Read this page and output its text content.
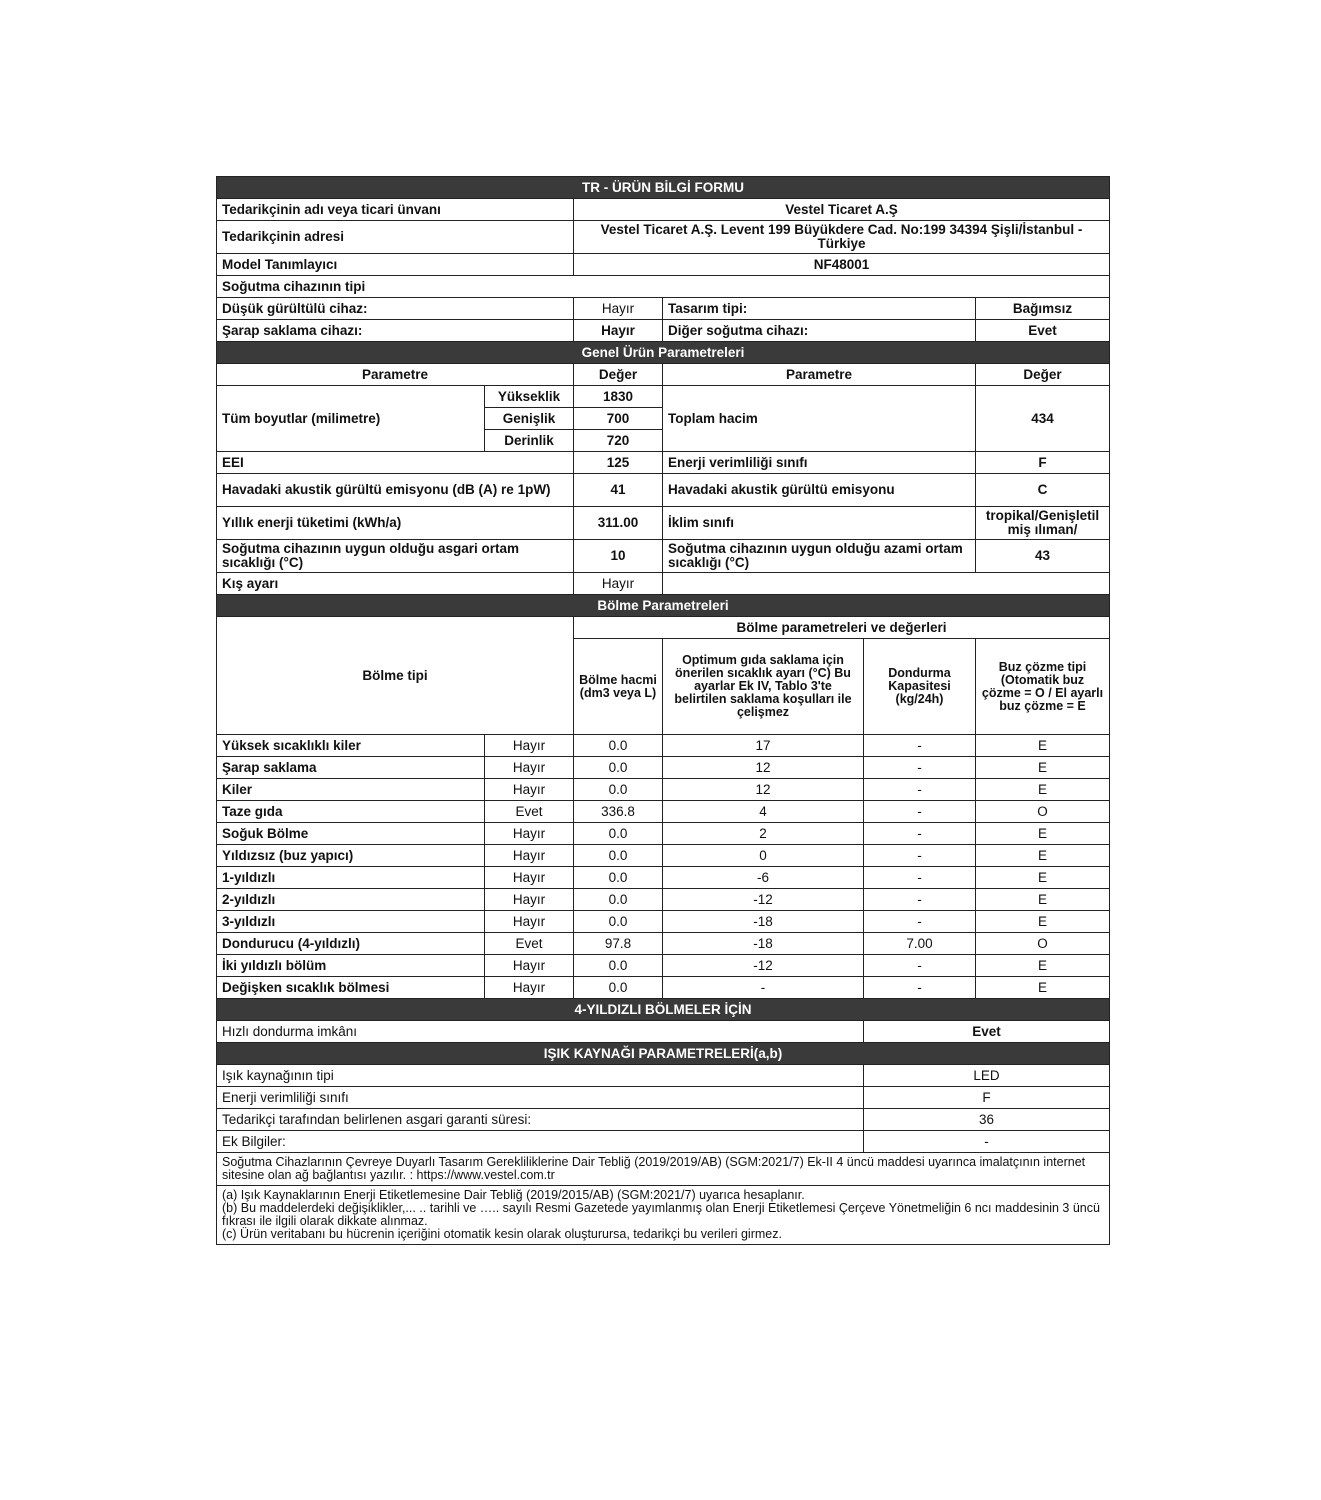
TR - ÜRÜN BİLGİ FORMU					
Tedarikçinin adı veya ticari ünvanı		Vestel Ticaret A.Ş			
Tedarikçinin adresi		Vestel Ticaret A.Ş. Levent 199 Büyükdere Cad. No:199 34394 Şişli/İstanbul - Türkiye			
Model Tanımlayıcı		NF48001			
Soğutma cihazının tipi					
Düşük gürültülü cihaz:		Hayır	Tasarım tipi:		Bağımsız
Şarap saklama cihazı:		Hayır	Diğer soğutma cihazı:		Evet
Genel Ürün Parametreleri					
Parametre		Değer	Parametre		Değer
Tüm boyutlar (milimetre)	Yükseklik	1830	Toplam hacim		434
	Genişlik	700			
	Derinlik	720			
EEI		125	Enerji verimliliği sınıfı		F
Havadaki akustik gürültü emisyonu (dB (A) re 1pW)		41	Havadaki akustik gürültü emisyonu		C
Yıllık enerji tüketimi (kWh/a)		311.00	İklim sınıfı		tropikal/Genişletilmiş ılıman/
Soğutma cihazının uygun olduğu asgari ortam sıcaklığı (°C)		10	Soğutma cihazının uygun olduğu azami ortam sıcaklığı (°C)		43
Kış ayarı		Hayır			
Bölme Parametreleri					
Bölme tipi		Bölme parametreleri ve değerleri			
		Bölme hacmi (dm3 veya L)	Optimum gıda saklama için önerilen sıcaklık ayarı (°C) Bu ayarlar Ek IV, Tablo 3'te belirtilen saklama koşulları ile çelişmez	Dondurma Kapasitesi (kg/24h)	Buz çözme tipi (Otomatik buz çözme = O / El ayarlı buz çözme = E
Yüksek sıcaklıklı kiler	Hayır	0.0	17	-	E
Şarap saklama	Hayır	0.0	12	-	E
Kiler	Hayır	0.0	12	-	E
Taze gıda	Evet	336.8	4	-	O
Soğuk Bölme	Hayır	0.0	2	-	E
Yıldızsız (buz yapıcı)	Hayır	0.0	0	-	E
1-yıldızlı	Hayır	0.0	-6	-	E
2-yıldızlı	Hayır	0.0	-12	-	E
3-yıldızlı	Hayır	0.0	-18	-	E
Dondurucu (4-yıldızlı)	Evet	97.8	-18	7.00	O
İki yıldızlı bölüm	Hayır	0.0	-12	-	E
Değişken sıcaklık bölmesi	Hayır	0.0	-	-	E
4-YILDIZLI BÖLMELER İÇİN					
Hızlı dondurma imkânı				Evet	
IŞIK KAYNAĞI PARAMETRELERİ(a,b)					
Işık kaynağının tipi				LED	
Enerji verimliliği sınıfı				F	
Tedarikçi tarafından belirlenen asgari garanti süresi:				36	
Ek Bilgiler:				-	
Soğutma Cihazlarının Çevreye Duyarlı Tasarım Gerekliliklerine Dair Tebliğ (2019/2019/AB) (SGM:2021/7) Ek-II 4 üncü maddesi uyarınca imalatçının internet sitesine olan ağ bağlantısı yazılır. : https://www.vestel.com.tr					

(a) Işık Kaynaklarının Enerji Etiketlemesine Dair Tebliğ (2019/2015/AB) (SGM:2021/7) uyarıca hesaplanır.
(b) Bu maddelerdeki değişiklikler,... .. tarihli ve ….. sayılı Resmi Gazetede yayımlanmış olan Enerji Etiketlemesi Çerçeve Yönetmeliğin 6 ncı maddesinin 3 üncü fıkrası ile ilgili olarak dikkate alınmaz.
(c) Ürün veritabanı bu hücrenin içeriğini otomatik kesin olarak oluşturursa, tedarikçi bu verileri girmez.					
